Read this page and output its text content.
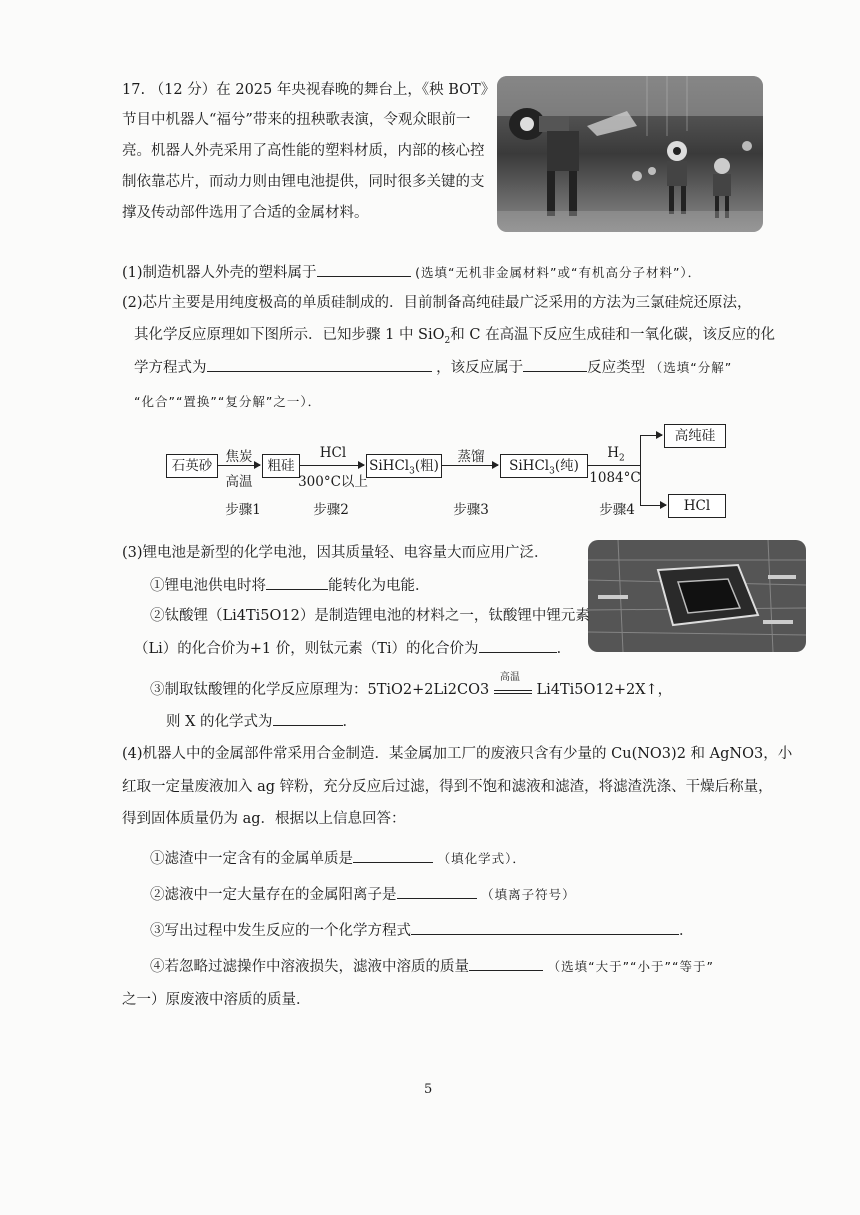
17. （12 分）在 2025 年央视春晚的舞台上，《秧 BOT》
节目中机器人“福兮”带来的扭秧歌表演，令观众眼前一
亮。机器人外壳采用了高性能的塑料材质，内部的核心控
制依靠芯片，而动力则由锂电池提供，同时很多关键的支
撑及传动部件选用了合适的金属材料。
(1)制造机器人外壳的塑料属于	(选填“无机非金属材料”或“有机高分子材料”）．
(2)芯片主要是用纯度极高的单质硅制成的．目前制备高纯硅最广泛采用的方法为三氯硅烷还原法，
其化学反应原理如下图所示．已知步骤 1 中 SiO$_2$和 C 在高温下反应生成硅和一氧化碳，该反应的化
学方程式为	，该反应属于	反应类型 （选填“分解”
“化合”“置换”“复分解”之一）．
石英砂	粗硅	SiHCl$_3$(粗)	SiHCl$_3$(纯)
高纯硅
HCl
焦炭
高温
HCl
300°C以上
蒸馏	$H_2$
1084°C
步骤1	步骤2	步骤3	步骤4
(3)锂电池是新型的化学电池，因其质量轻、电容量大而应用广泛．
①锂电池供电时将	能转化为电能．
②钛酸锂（Li4Ti5O12）是制造锂电池的材料之一，钛酸锂中锂元素
（Li）的化合价为+1 价，则钛元素（Ti）的化合价为	．
③制取钛酸锂的化学反应原理为：5TiO2+2Li2CO3
高温
Li4Ti5O12+2X↑，
则 X 的化学式为	．
(4)机器人中的金属部件常采用合金制造．某金属加工厂的废液只含有少量的 Cu(NO3)2 和 AgNO3，小
红取一定量废液加入 ag 锌粉，充分反应后过滤，得到不饱和滤液和滤渣，将滤渣洗涤、干燥后称量，
得到固体质量仍为 ag．根据以上信息回答：
①滤渣中一定含有的金属单质是	（填化学式）．
②滤液中一定大量存在的金属阳离子是	（填离子符号）
③写出过程中发生反应的一个化学方程式	．
④若忽略过滤操作中溶液损失，滤液中溶质的质量	（选填“大于”“小于”“等于”
之一）原废液中溶质的质量．
5
